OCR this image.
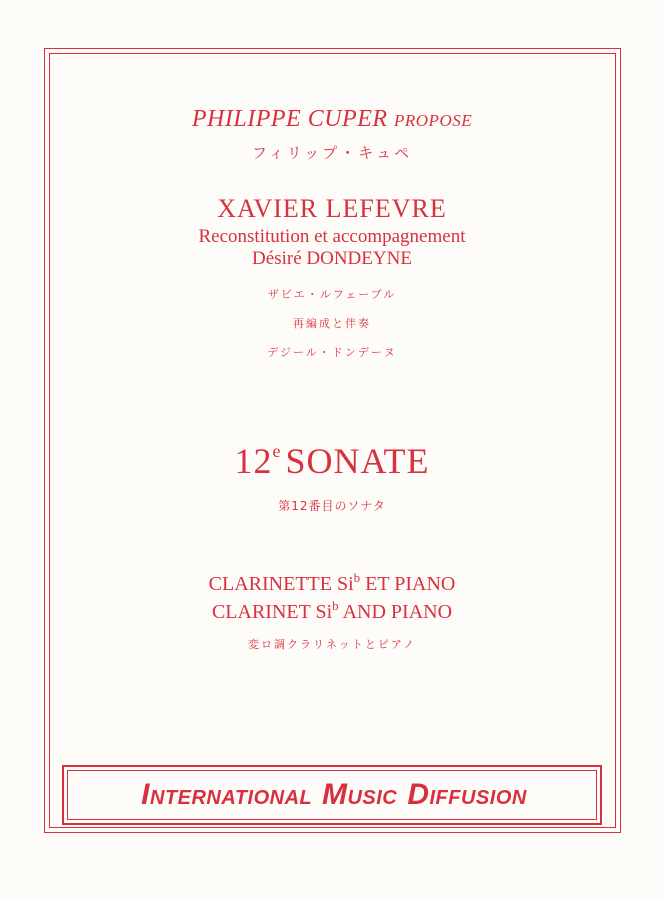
PHILIPPE CUPER PROPOSE
フィリップ・キュペ
XAVIER LEFEVRE
Reconstitution et accompagnement
Désiré DONDEYNE
ザビエ・ルフェーブル
再編成と伴奏
デジール・ドンデーヌ
12e SONATE
第12番目のソナタ
CLARINETTE Si$^b$ ET PIANO
CLARINET Si$^b$ AND PIANO
変ロ調クラリネットとピアノ
INTERNATIONAL MUSIC DIFFUSION
